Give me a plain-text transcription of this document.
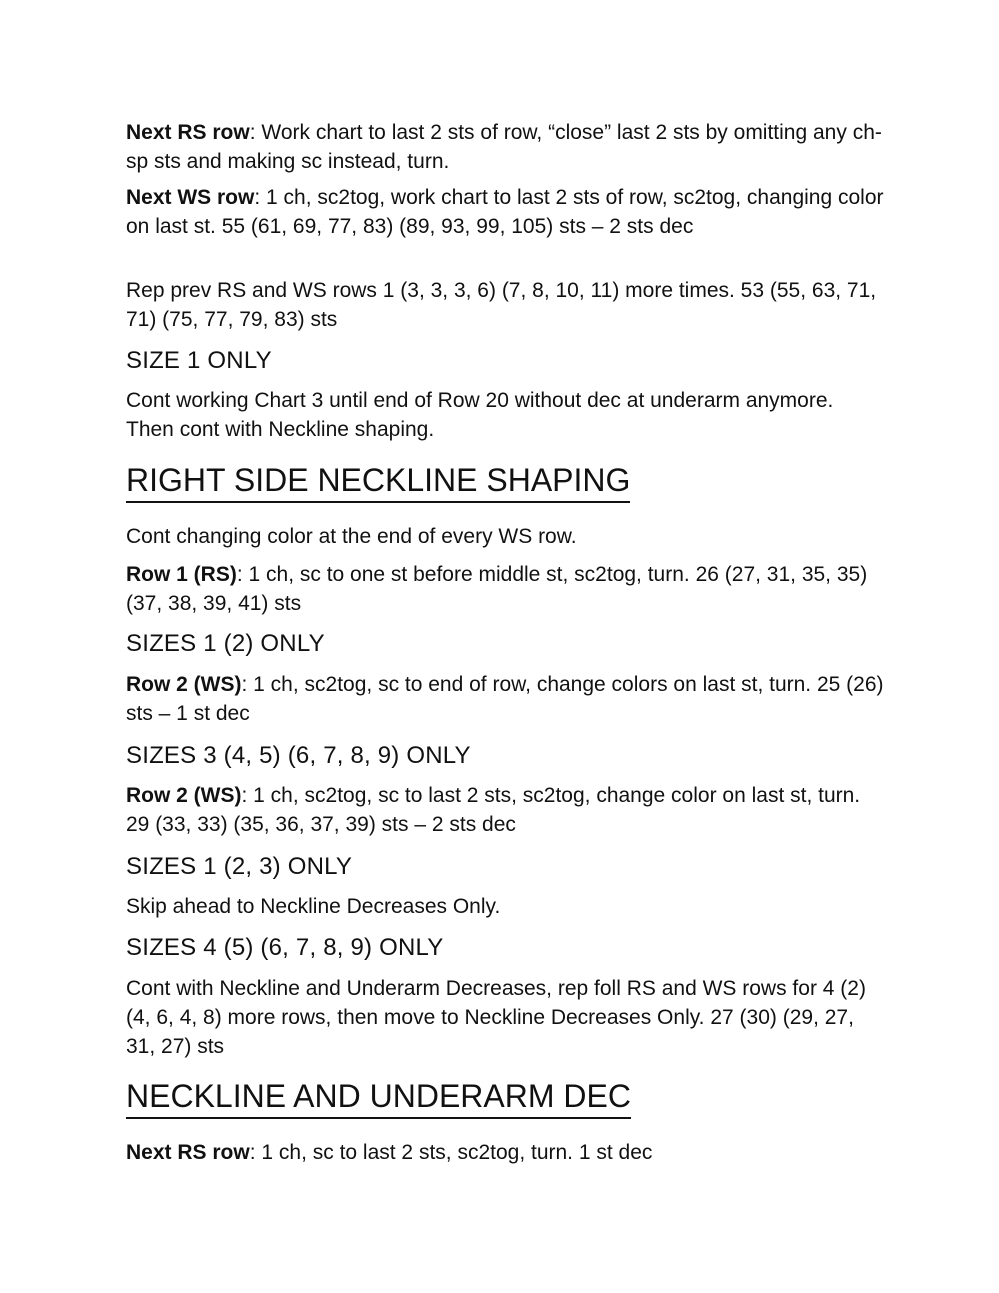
Next RS row: Work chart to last 2 sts of row, “close” last 2 sts by omitting any ch-sp sts and making sc instead, turn.

Next WS row: 1 ch, sc2tog, work chart to last 2 sts of row, sc2tog, changing color on last st. 55 (61, 69, 77, 83) (89, 93, 99, 105) sts – 2 sts dec

Rep prev RS and WS rows 1 (3, 3, 3, 6) (7, 8, 10, 11) more times. 53 (55, 63, 71, 71) (75, 77, 79, 83) sts

SIZE 1 ONLY

Cont working Chart 3 until end of Row 20 without dec at underarm anymore. Then cont with Neckline shaping.

RIGHT SIDE NECKLINE SHAPING

Cont changing color at the end of every WS row.

Row 1 (RS): 1 ch, sc to one st before middle st, sc2tog, turn. 26 (27, 31, 35, 35) (37, 38, 39, 41) sts

SIZES 1 (2) ONLY

Row 2 (WS): 1 ch, sc2tog, sc to end of row, change colors on last st, turn. 25 (26) sts – 1 st dec

SIZES 3 (4, 5) (6, 7, 8, 9) ONLY

Row 2 (WS): 1 ch, sc2tog, sc to last 2 sts, sc2tog, change color on last st, turn. 29 (33, 33) (35, 36, 37, 39) sts – 2 sts dec

SIZES 1 (2, 3) ONLY

Skip ahead to Neckline Decreases Only.

SIZES 4 (5) (6, 7, 8, 9) ONLY

Cont with Neckline and Underarm Decreases, rep foll RS and WS rows for 4 (2) (4, 6, 4, 8) more rows, then move to Neckline Decreases Only. 27 (30) (29, 27, 31, 27) sts

NECKLINE AND UNDERARM DEC

Next RS row: 1 ch, sc to last 2 sts, sc2tog, turn. 1 st dec
